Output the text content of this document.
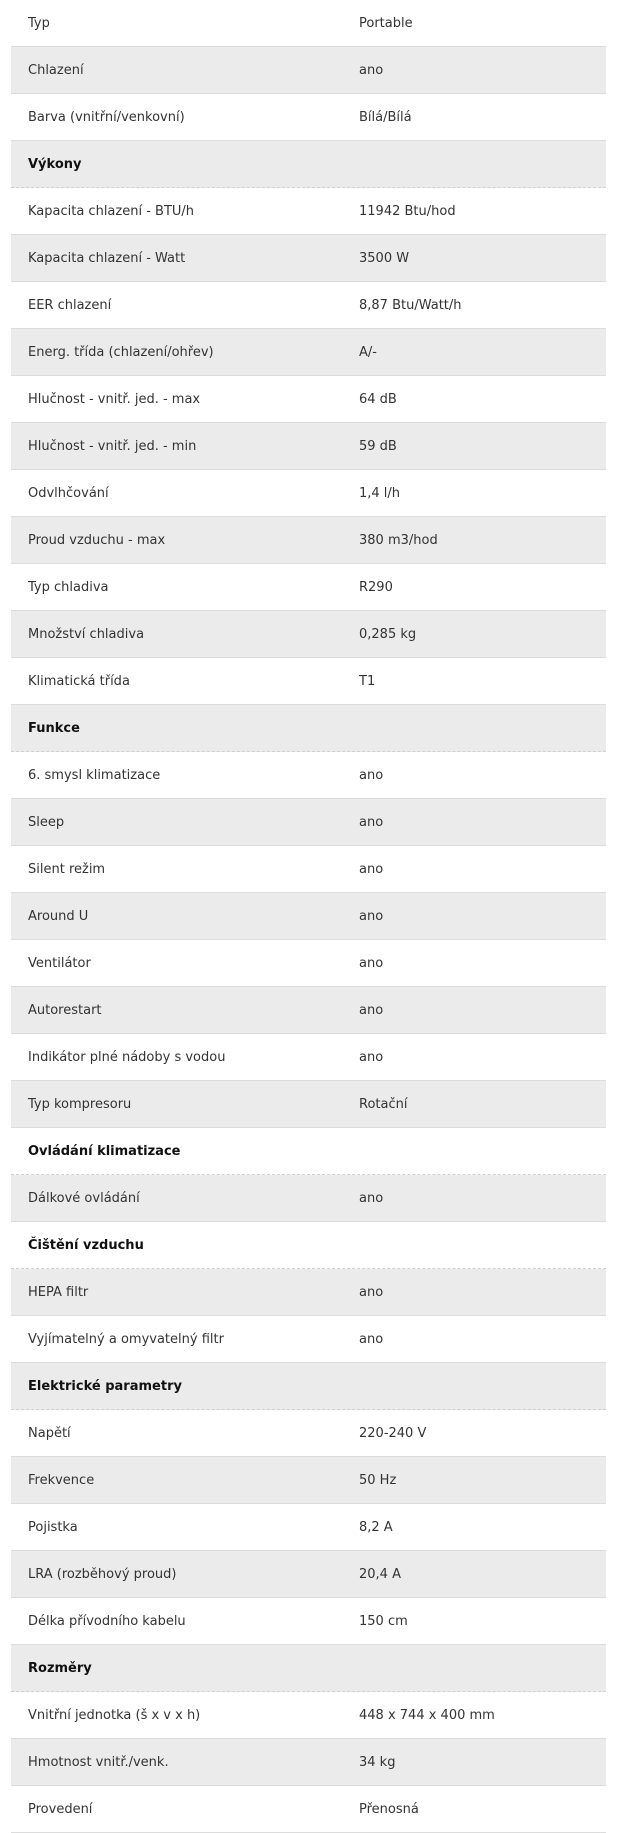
Typ	Portable
Chlazení	ano
Barva (vnitřní/venkovní)	Bílá/Bílá
Výkony
Kapacita chlazení - BTU/h	11942 Btu/hod
Kapacita chlazení - Watt	3500 W
EER chlazení	8,87 Btu/Watt/h
Energ. třída (chlazení/ohřev)	A/-
Hlučnost - vnitř. jed. - max	64 dB
Hlučnost - vnitř. jed. - min	59 dB
Odvlhčování	1,4 l/h
Proud vzduchu - max	380 m3/hod
Typ chladiva	R290
Množství chladiva	0,285 kg
Klimatická třída	T1
Funkce
6. smysl klimatizace	ano
Sleep	ano
Silent režim	ano
Around U	ano
Ventilátor	ano
Autorestart	ano
Indikátor plné nádoby s vodou	ano
Typ kompresoru	Rotační
Ovládání klimatizace
Dálkové ovládání	ano
Čištění vzduchu
HEPA filtr	ano
Vyjímatelný a omyvatelný filtr	ano
Elektrické parametry
Napětí	220-240 V
Frekvence	50 Hz
Pojistka	8,2 A
LRA (rozběhový proud)	20,4 A
Délka přívodního kabelu	150 cm
Rozměry
Vnitřní jednotka (š x v x h)	448 x 744 x 400 mm
Hmotnost vnitř./venk.	34 kg
Provedení	Přenosná
